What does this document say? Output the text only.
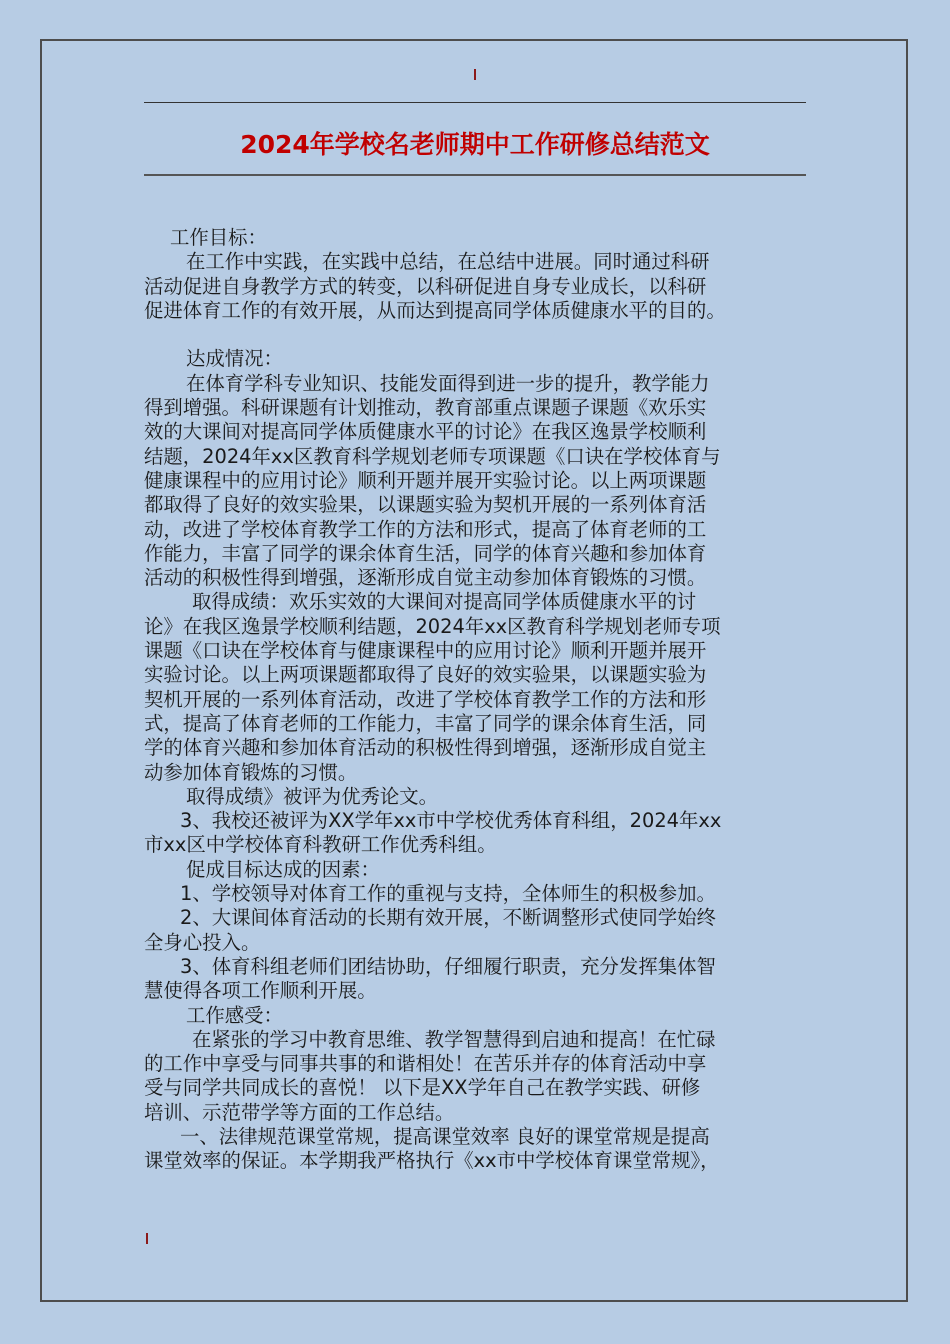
2024年学校名老师期中工作研修总结范文
工作目标：
在工作中实践，在实践中总结，在总结中进展。同时通过科研
活动促进自身教学方式的转变，以科研促进自身专业成长，以科研
促进体育工作的有效开展，从而达到提高同学体质健康水平的目的。
达成情况：
在体育学科专业知识、技能发面得到进一步的提升，教学能力
得到增强。科研课题有计划推动，教育部重点课题子课题《欢乐实
效的大课间对提高同学体质健康水平的讨论》在我区逸景学校顺利
结题，2024年xx区教育科学规划老师专项课题《口诀在学校体育与
健康课程中的应用讨论》顺利开题并展开实验讨论。以上两项课题
都取得了良好的效实验果，以课题实验为契机开展的一系列体育活
动，改进了学校体育教学工作的方法和形式，提高了体育老师的工
作能力，丰富了同学的课余体育生活，同学的体育兴趣和参加体育
活动的积极性得到增强，逐渐形成自觉主动参加体育锻炼的习惯。
取得成绩：欢乐实效的大课间对提高同学体质健康水平的讨
论》在我区逸景学校顺利结题，2024年xx区教育科学规划老师专项
课题《口诀在学校体育与健康课程中的应用讨论》顺利开题并展开
实验讨论。以上两项课题都取得了良好的效实验果，以课题实验为
契机开展的一系列体育活动，改进了学校体育教学工作的方法和形
式，提高了体育老师的工作能力，丰富了同学的课余体育生活，同
学的体育兴趣和参加体育活动的积极性得到增强，逐渐形成自觉主
动参加体育锻炼的习惯。
取得成绩》被评为优秀论文。
3、我校还被评为XX学年xx市中学校优秀体育科组，2024年xx
市xx区中学校体育科教研工作优秀科组。
促成目标达成的因素：
1、学校领导对体育工作的重视与支持，全体师生的积极参加。
2、大课间体育活动的长期有效开展，不断调整形式使同学始终
全身心投入。
3、体育科组老师们团结协助，仔细履行职责，充分发挥集体智
慧使得各项工作顺利开展。
工作感受：
在紧张的学习中教育思维、教学智慧得到启迪和提高！在忙碌
的工作中享受与同事共事的和谐相处！在苦乐并存的体育活动中享
受与同学共同成长的喜悦！ 以下是XX学年自己在教学实践、研修
培训、示范带学等方面的工作总结。
一、法律规范课堂常规，提高课堂效率 良好的课堂常规是提高
课堂效率的保证。本学期我严格执行《xx市中学校体育课堂常规》，
